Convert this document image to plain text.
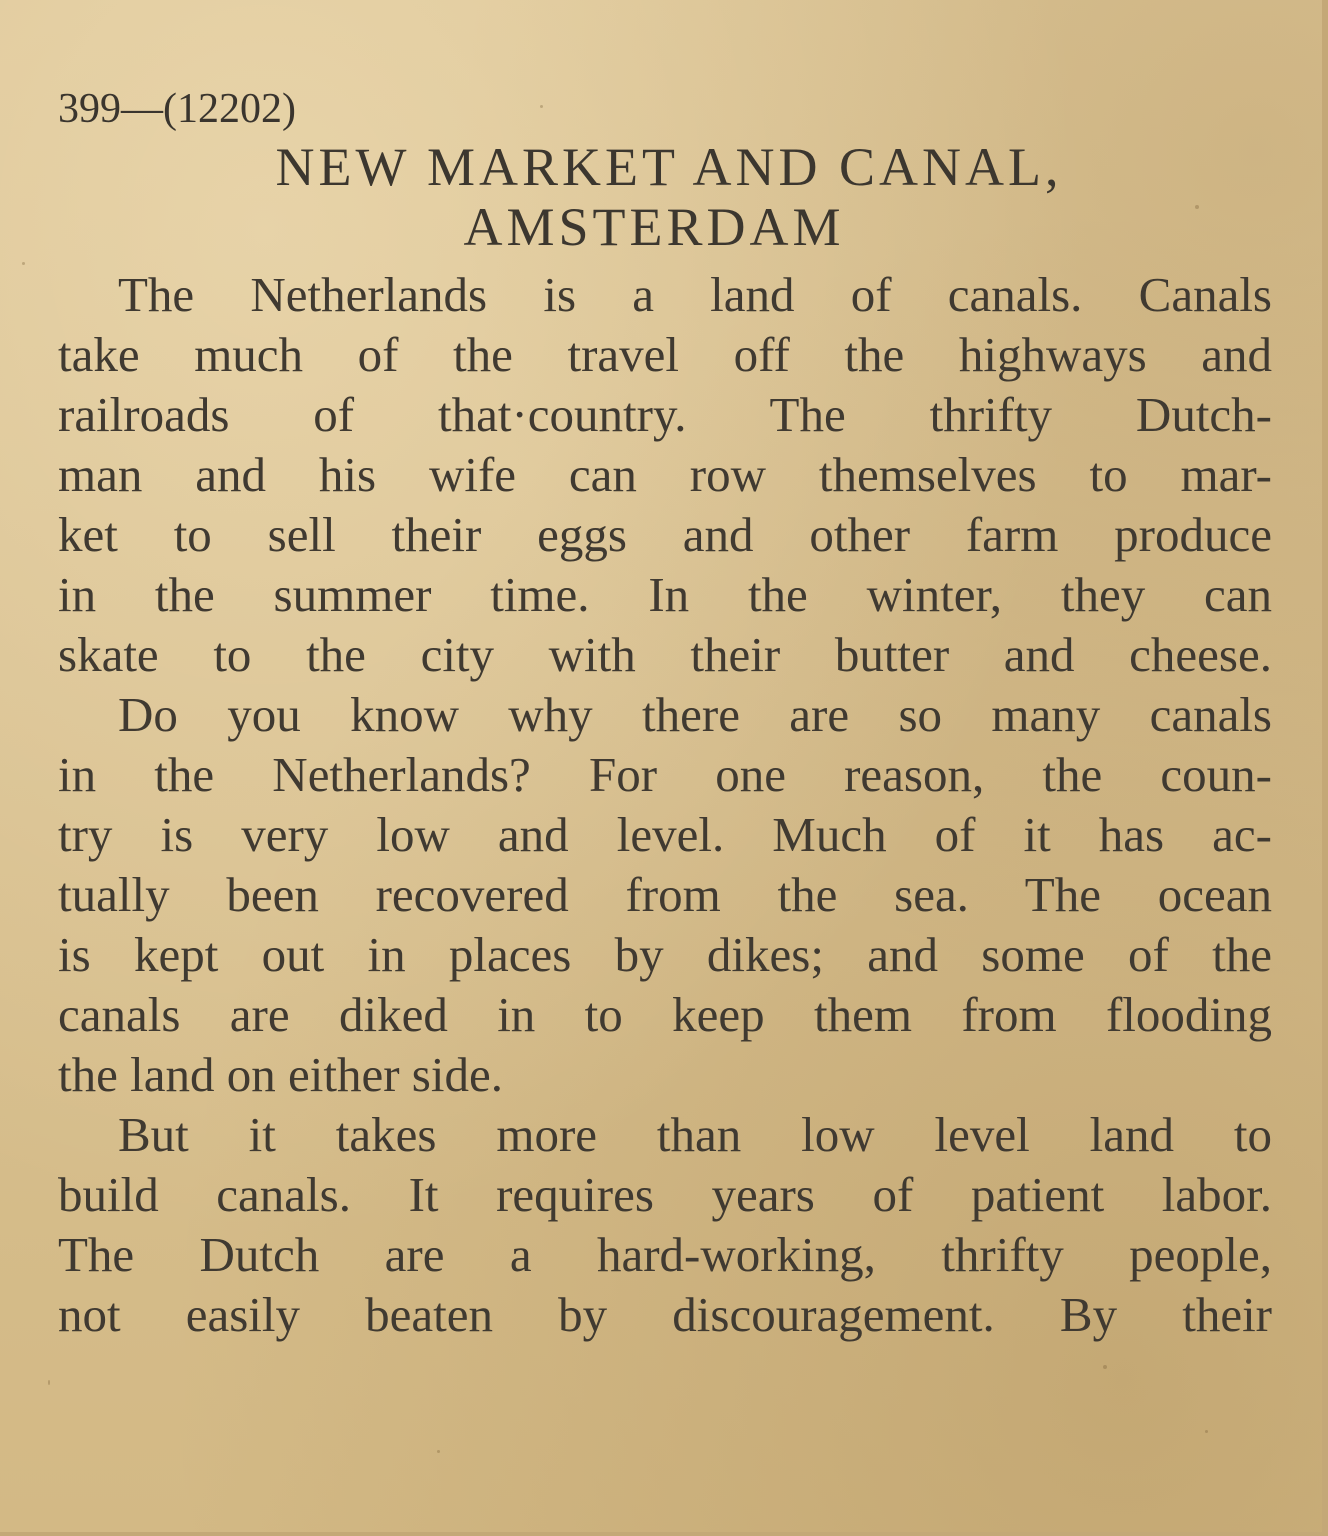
399—(12202)
NEW MARKET AND CANAL,
AMSTERDAM
The Netherlands is a land of canals. Canals
take much of the travel off the highways and
railroads of that·country. The thrifty Dutch-
man and his wife can row themselves to mar-
ket to sell their eggs and other farm produce
in the summer time. In the winter, they can
skate to the city with their butter and cheese.
Do you know why there are so many canals
in the Netherlands? For one reason, the coun-
try is very low and level. Much of it has ac-
tually been recovered from the sea. The ocean
is kept out in places by dikes; and some of the
canals are diked in to keep them from flooding
the land on either side.
But it takes more than low level land to
build canals. It requires years of patient labor.
The Dutch are a hard-working, thrifty people,
not easily beaten by discouragement. By their
